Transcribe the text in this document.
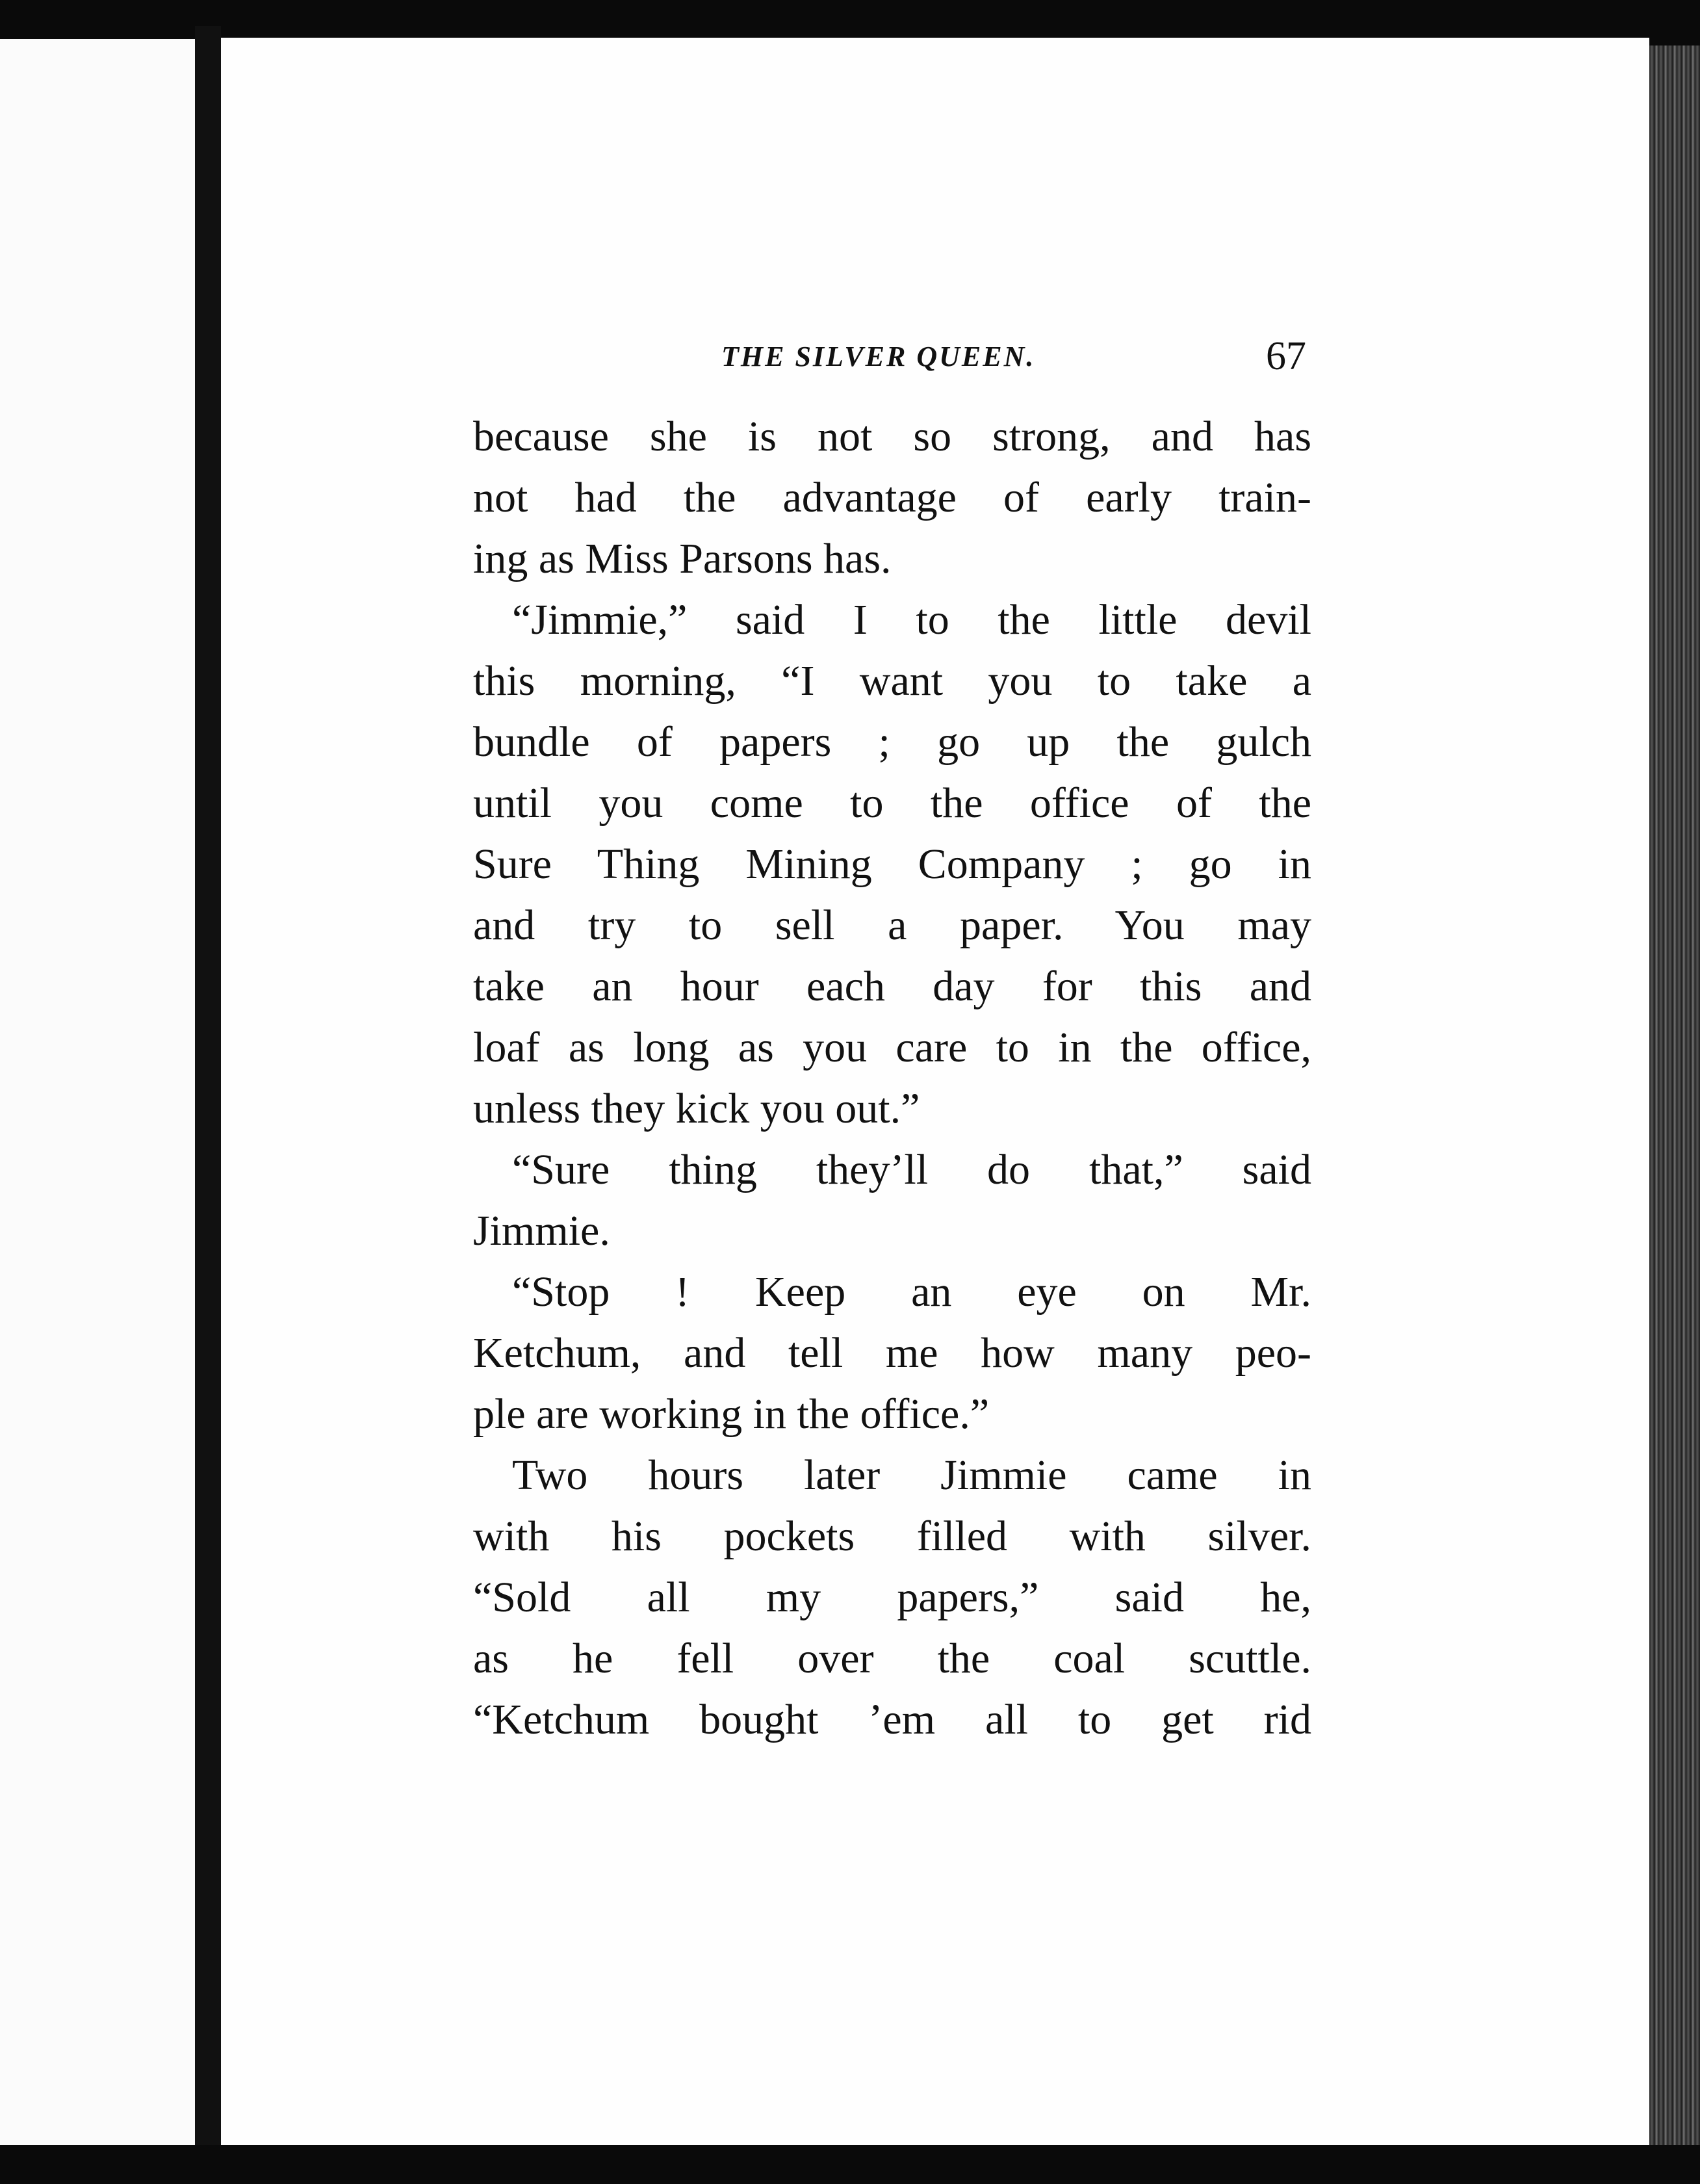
THE SILVER QUEEN.	67
because she is not so strong, and has
not had the advantage of early train-
ing as Miss Parsons has.
“Jimmie,” said I to the little devil
this morning, “I want you to take a
bundle of papers ; go up the gulch
until you come to the office of the
Sure Thing Mining Company ; go in
and try to sell a paper. You may
take an hour each day for this and
loaf as long as you care to in the office,
unless they kick you out.”
“Sure thing they’ll do that,” said
Jimmie.
“Stop ! Keep an eye on Mr.
Ketchum, and tell me how many peo-
ple are working in the office.”
Two hours later Jimmie came in
with his pockets filled with silver.
“Sold all my papers,” said he,
as he fell over the coal scuttle.
“Ketchum bought ’em all to get rid
